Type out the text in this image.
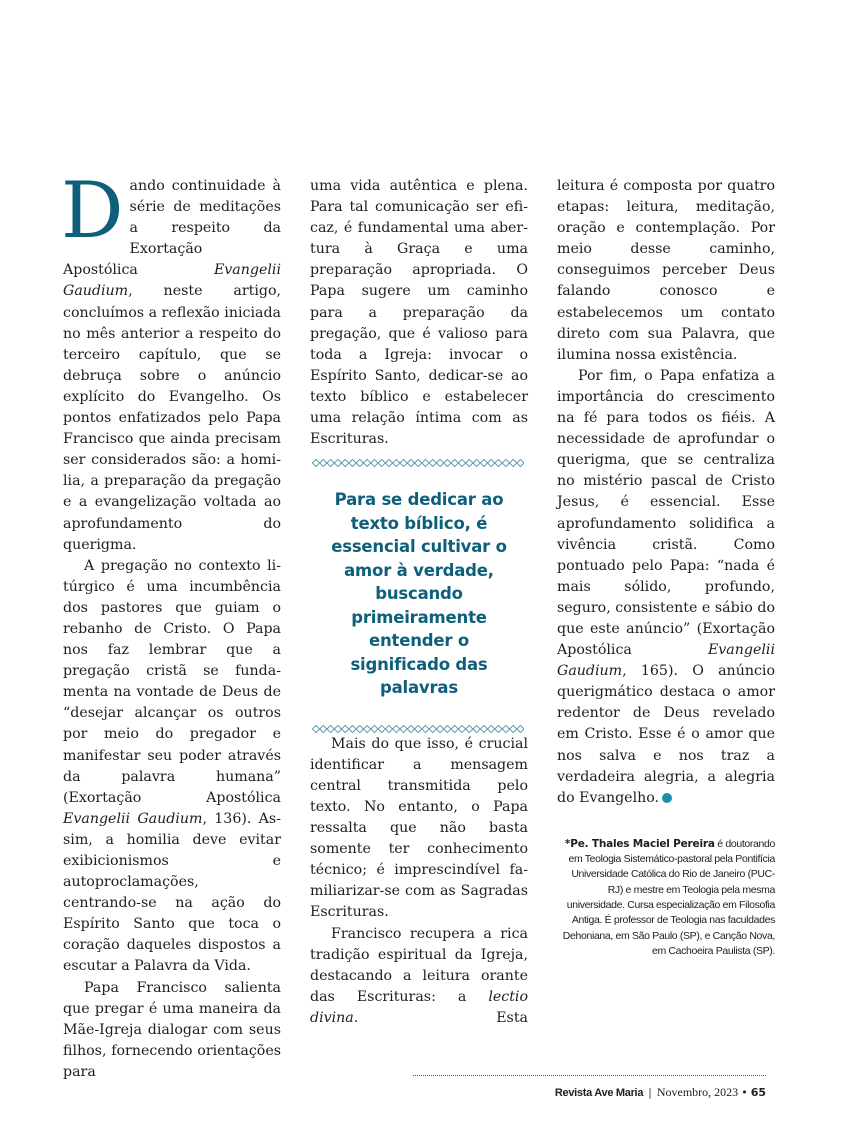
Dando continuidade à série de meditações a respeito da Exortação Apostólica Evangelii Gaudium, neste artigo, concluímos a reflexão iniciada no mês anterior a respeito do terceiro capítulo, que se debruça sobre o anúncio explícito do Evangelho. Os pontos enfatizados pelo Papa Francisco que ainda precisam ser considerados são: a homilia, a preparação da pregação e a evangelização voltada ao aprofundamento do querigma.

A pregação no contexto litúrgico é uma incumbência dos pastores que guiam o rebanho de Cristo. O Papa nos faz lembrar que a pregação cristã se fundamenta na vontade de Deus de “desejar alcançar os outros por meio do pregador e manifestar seu poder através da palavra humana” (Exortação Apostólica Evangelii Gaudium, 136). Assim, a homilia deve evitar exibicionismos e autoproclamações, centrando-se na ação do Espírito Santo que toca o coração daqueles dispostos a escutar a Palavra da Vida.

Papa Francisco salienta que pregar é uma maneira da Mãe-Igreja dialogar com seus filhos, fornecendo orientações para

uma vida autêntica e plena. Para tal comunicação ser eficaz, é fundamental uma abertura à Graça e uma preparação apropriada. O Papa sugere um caminho para a preparação da pregação, que é valioso para toda a Igreja: invocar o Espírito Santo, dedicar-se ao texto bíblico e estabelecer uma relação íntima com as Escrituras.

Para se dedicar ao texto bíblico, é essencial cultivar o amor à verdade, buscando primeiramente entender o significado das palavras

Mais do que isso, é crucial identificar a mensagem central transmitida pelo texto. No entanto, o Papa ressalta que não basta somente ter conhecimento técnico; é imprescindível familiarizar-se com as Sagradas Escrituras.

Francisco recupera a rica tradição espiritual da Igreja, destacando a leitura orante das Escrituras: a lectio divina. Esta

leitura é composta por quatro etapas: leitura, meditação, oração e contemplação. Por meio desse caminho, conseguimos perceber Deus falando conosco e estabelecemos um contato direto com sua Palavra, que ilumina nossa existência.

Por fim, o Papa enfatiza a importância do crescimento na fé para todos os fiéis. A necessidade de aprofundar o querigma, que se centraliza no mistério pascal de Cristo Jesus, é essencial. Esse aprofundamento solidifica a vivência cristã. Como pontuado pelo Papa: “nada é mais sólido, profundo, seguro, consistente e sábio do que este anúncio” (Exortação Apostólica Evangelii Gaudium, 165). O anúncio querigmático destaca o amor redentor de Deus revelado em Cristo. Esse é o amor que nos salva e nos traz a verdadeira alegria, a alegria do Evangelho.

*Pe. Thales Maciel Pereira é doutorando em Teologia Sistemático-pastoral pela Pontifícia Universidade Católica do Rio de Janeiro (PUC-RJ) e mestre em Teologia pela mesma universidade. Cursa especialização em Filosofia Antiga. É professor de Teologia nas faculdades Dehoniana, em São Paulo (SP), e Canção Nova, em Cachoeira Paulista (SP).
Revista Ave Maria | Novembro, 2023 • 65
